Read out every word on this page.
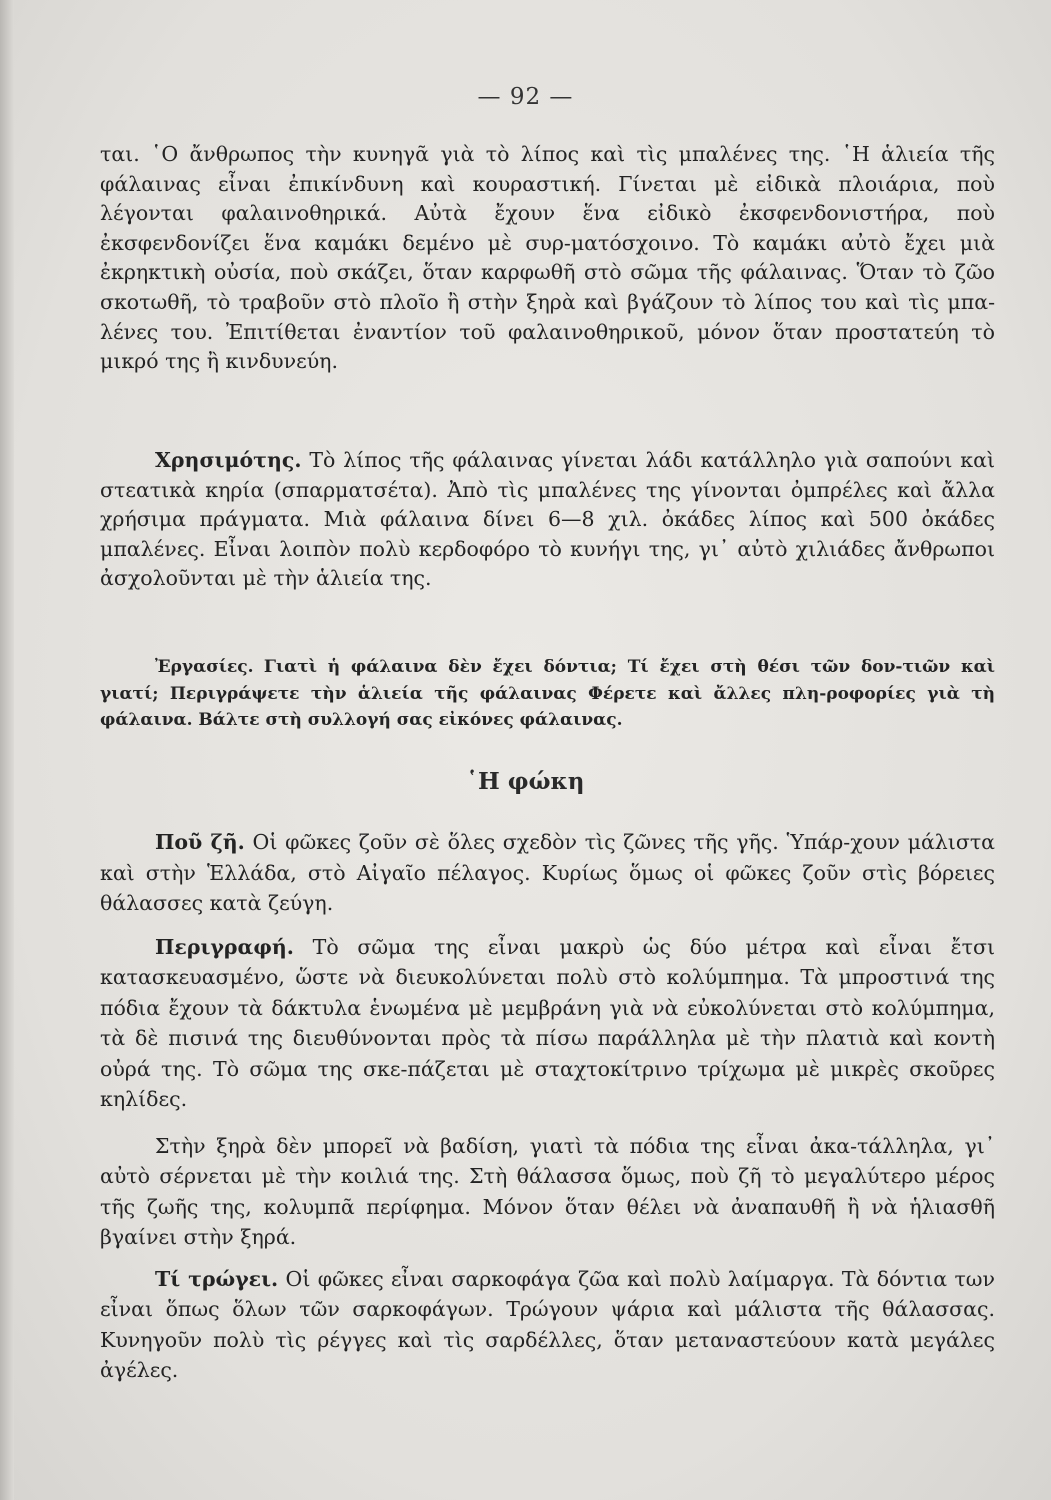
— 92 —

ται. ῾Ο ἄνθρωπος τὴν κυνηγᾶ γιὰ τὸ λίπος καὶ τὶς μπαλένες της. ῾Η ἁλιεία τῆς φάλαινας εἶναι ἐπικίνδυνη καὶ κουραστική. Γίνεται μὲ εἰδικὰ πλοιάρια, ποὺ λέγονται φαλαινοθηρικά. Αὐτὰ ἔχουν ἕνα εἰδικὸ ἐκσφενδονιστήρα, ποὺ ἐκσφενδονίζει ἕνα καμάκι δεμένο μὲ συρ-ματόσχοινο. Τὸ καμάκι αὐτὸ ἔχει μιὰ ἐκρηκτικὴ οὐσία, ποὺ σκάζει, ὅταν καρφωθῆ στὸ σῶμα τῆς φάλαινας. Ὅταν τὸ ζῶο σκοτωθῆ, τὸ τραβοῦν στὸ πλοῖο ἢ στὴν ξηρὰ καὶ βγάζουν τὸ λίπος του καὶ τὶς μπα-λένες του. Ἐπιτίθεται ἐναντίον τοῦ φαλαινοθηρικοῦ, μόνον ὅταν προστατεύη τὸ μικρό της ἢ κινδυνεύη.

Χρησιμότης. Τὸ λίπος τῆς φάλαινας γίνεται λάδι κατάλληλο γιὰ σαπούνι καὶ στεατικὰ κηρία (σπαρματσέτα). Ἀπὸ τὶς μπαλένες της γίνονται ὀμπρέλες καὶ ἄλλα χρήσιμα πράγματα. Μιὰ φάλαινα δίνει 6—8 χιλ. ὀκάδες λίπος καὶ 500 ὀκάδες μπαλένες. Εἶναι λοιπὸν πολὺ κερδοφόρο τὸ κυνήγι της, γι᾽ αὐτὸ χιλιάδες ἄνθρωποι ἀσχολοῦνται μὲ τὴν ἁλιεία της.

Ἐργασίες. Γιατὶ ἡ φάλαινα δὲν ἔχει δόντια; Τί ἔχει στὴ θέσι τῶν δον-τιῶν καὶ γιατί; Περιγράψετε τὴν ἁλιεία τῆς φάλαινας Φέρετε καὶ ἄλλες πλη-ροφορίες γιὰ τὴ φάλαινα. Βάλτε στὴ συλλογή σας εἰκόνες φάλαινας.

῾Η φώκη

Ποῦ ζῆ. Οἱ φῶκες ζοῦν σὲ ὅλες σχεδὸν τὶς ζῶνες τῆς γῆς. Ὑπάρ-χουν μάλιστα καὶ στὴν Ἑλλάδα, στὸ Αἰγαῖο πέλαγος. Κυρίως ὅμως οἱ φῶκες ζοῦν στὶς βόρειες θάλασσες κατὰ ζεύγη.

Περιγραφή. Τὸ σῶμα της εἶναι μακρὺ ὡς δύο μέτρα καὶ εἶναι ἔτσι κατασκευασμένο, ὥστε νὰ διευκολύνεται πολὺ στὸ κολύμπημα. Τὰ μπροστινά της πόδια ἔχουν τὰ δάκτυλα ἑνωμένα μὲ μεμβράνη γιὰ νὰ εὐκολύνεται στὸ κολύμπημα, τὰ δὲ πισινά της διευθύνονται πρὸς τὰ πίσω παράλληλα μὲ τὴν πλατιὰ καὶ κοντὴ οὐρά της. Τὸ σῶμα της σκε-πάζεται μὲ σταχτοκίτρινο τρίχωμα μὲ μικρὲς σκοῦρες κηλίδες.

Στὴν ξηρὰ δὲν μπορεῖ νὰ βαδίση, γιατὶ τὰ πόδια της εἶναι ἀκα-τάλληλα, γι᾽ αὐτὸ σέρνεται μὲ τὴν κοιλιά της. Στὴ θάλασσα ὅμως, ποὺ ζῆ τὸ μεγαλύτερο μέρος τῆς ζωῆς της, κολυμπᾶ περίφημα. Μόνον ὅταν θέλει νὰ ἀναπαυθῆ ἢ νὰ ἡλιασθῆ βγαίνει στὴν ξηρά.

Τί τρώγει. Οἱ φῶκες εἶναι σαρκοφάγα ζῶα καὶ πολὺ λαίμαργα. Τὰ δόντια των εἶναι ὅπως ὅλων τῶν σαρκοφάγων. Τρώγουν ψάρια καὶ μάλιστα τῆς θάλασσας. Κυνηγοῦν πολὺ τὶς ρέγγες καὶ τὶς σαρδέλλες, ὅταν μεταναστεύουν κατὰ μεγάλες ἀγέλες.
